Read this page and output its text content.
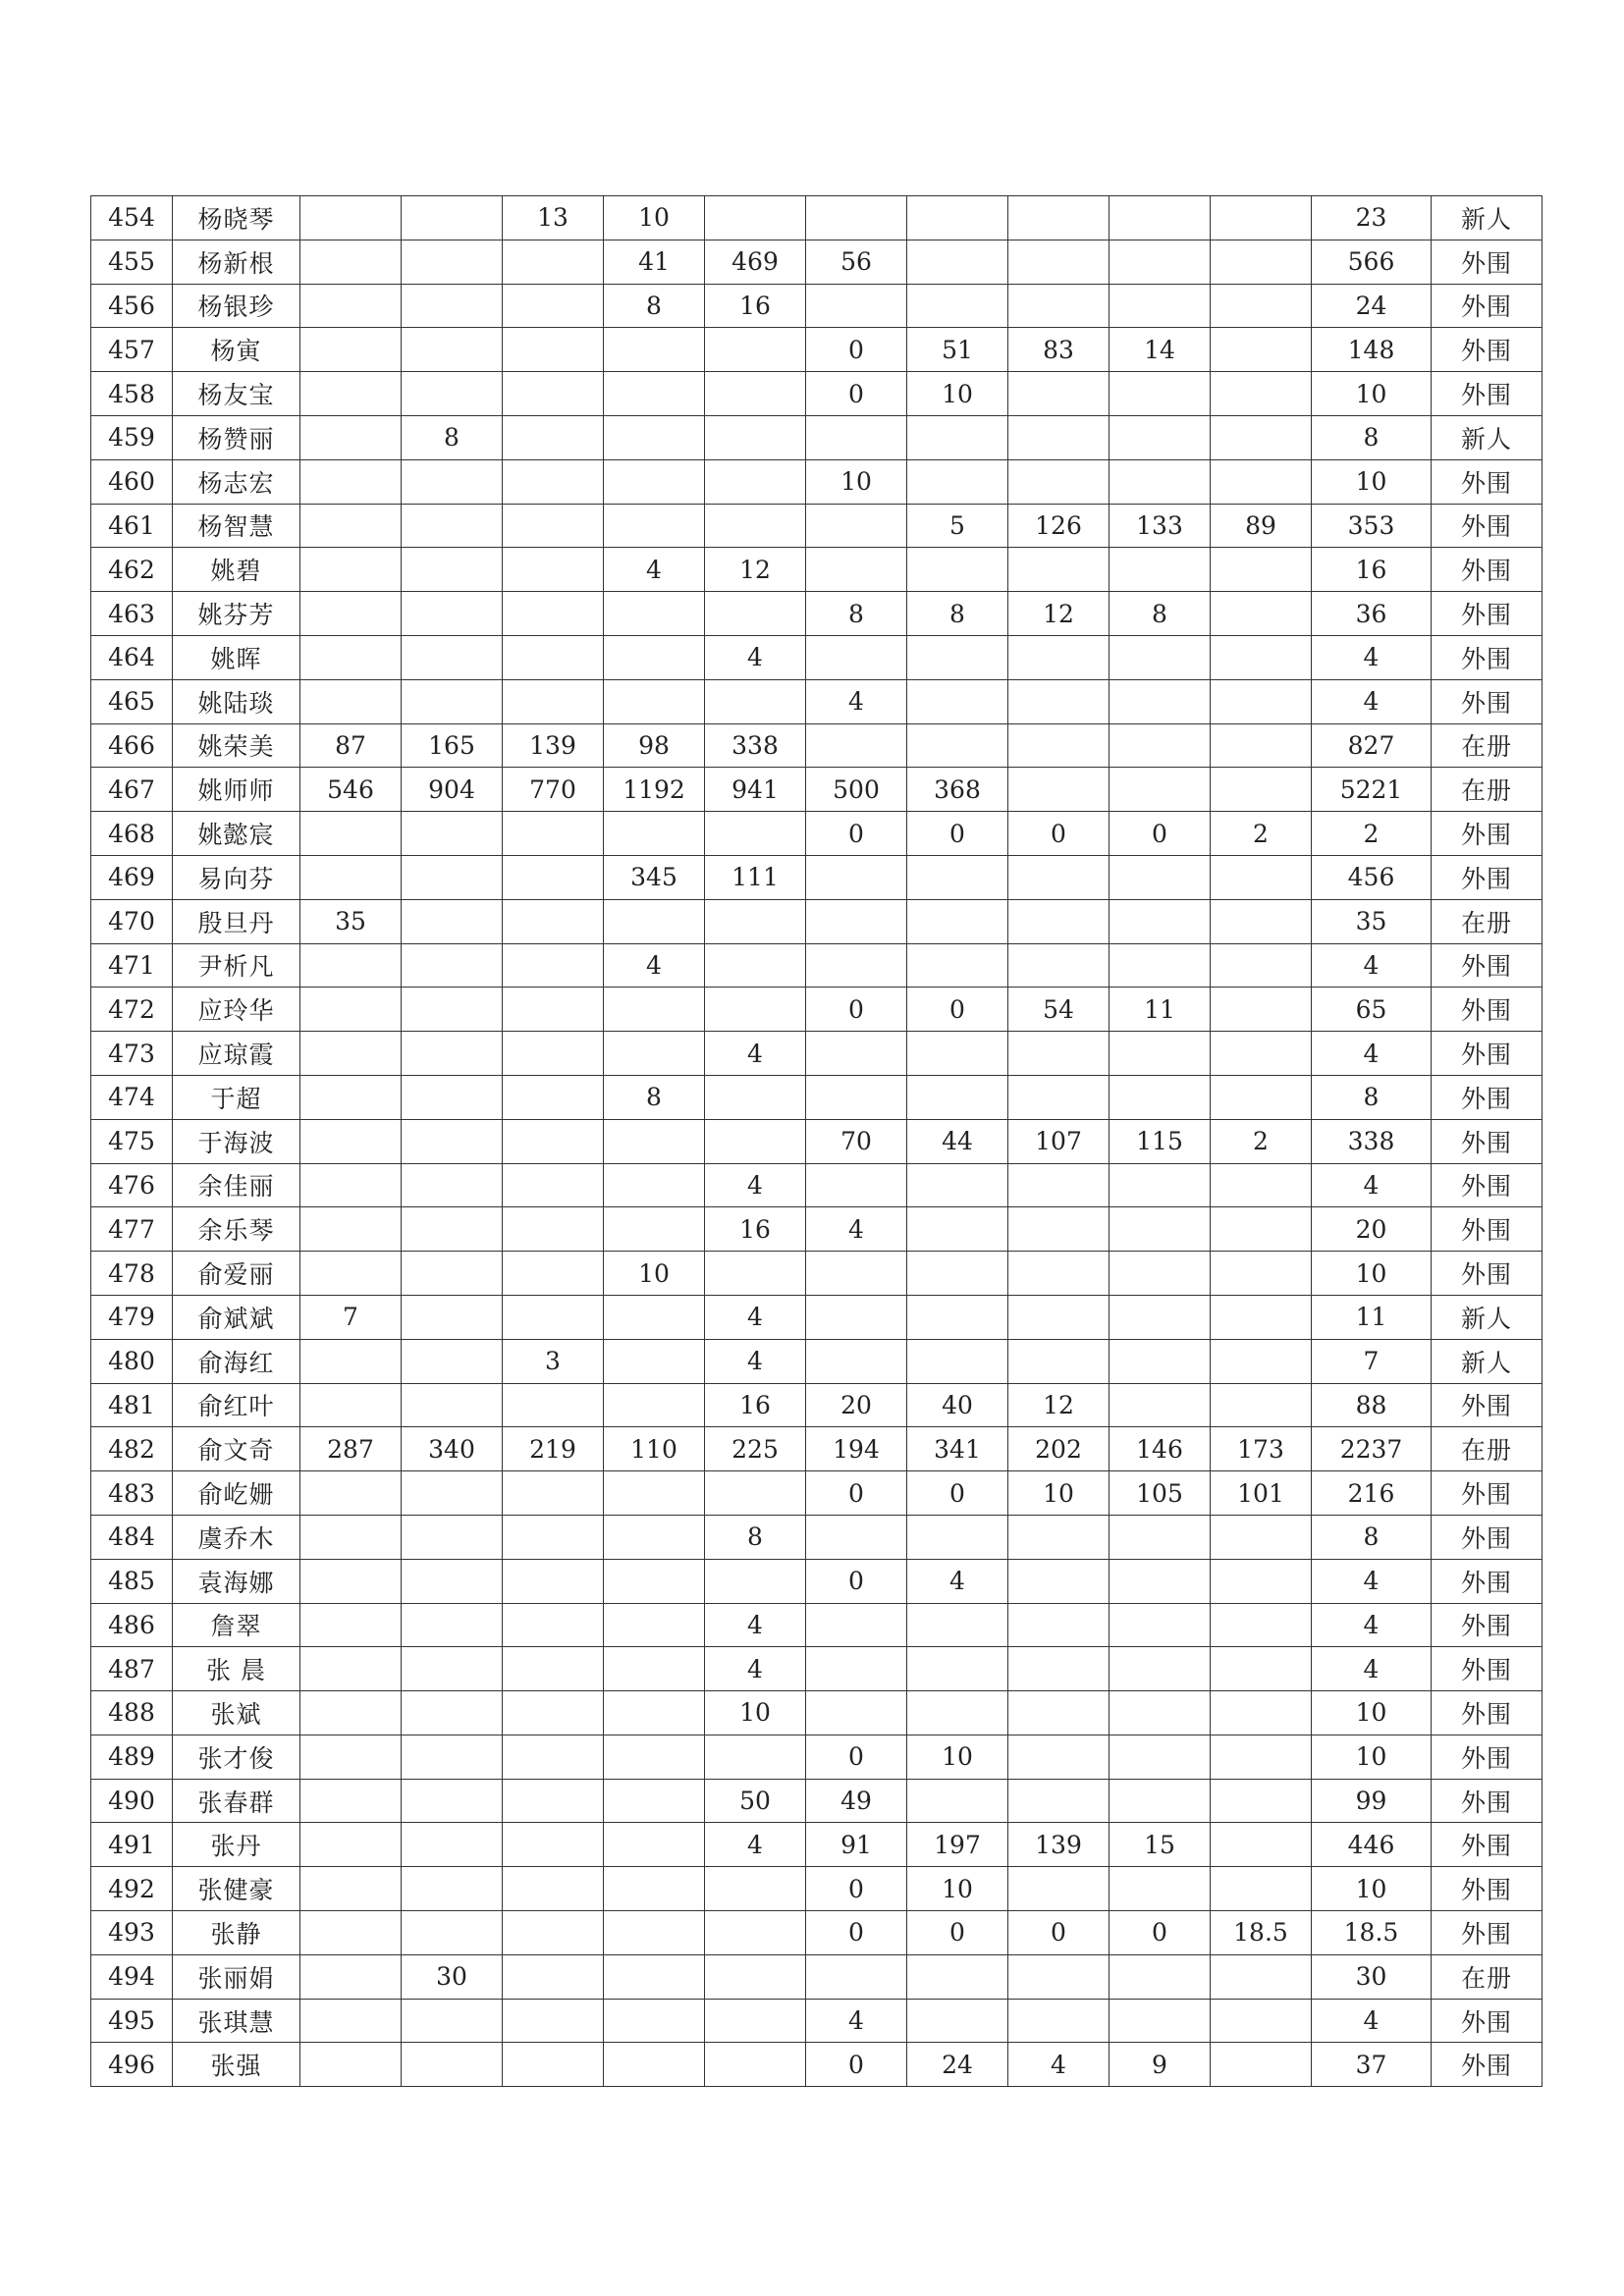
454	杨晓琴			13	10							23	新人
455	杨新根				41	469	56					566	外围
456	杨银珍				8	16						24	外围
457	杨寅						0	51	83	14		148	外围
458	杨友宝						0	10				10	外围
459	杨赞丽		8									8	新人
460	杨志宏						10					10	外围
461	杨智慧							5	126	133	89	353	外围
462	姚碧				4	12						16	外围
463	姚芬芳						8	8	12	8		36	外围
464	姚晖					4						4	外围
465	姚陆琰						4					4	外围
466	姚荣美	87	165	139	98	338						827	在册
467	姚师师	546	904	770	1192	941	500	368				5221	在册
468	姚懿宸						0	0	0	0	2	2	外围
469	易向芬				345	111						456	外围
470	殷旦丹	35										35	在册
471	尹析凡				4							4	外围
472	应玲华						0	0	54	11		65	外围
473	应琼霞					4						4	外围
474	于超				8							8	外围
475	于海波						70	44	107	115	2	338	外围
476	余佳丽					4						4	外围
477	余乐琴					16	4					20	外围
478	俞爱丽				10							10	外围
479	俞斌斌	7				4						11	新人
480	俞海红			3		4						7	新人
481	俞红叶					16	20	40	12			88	外围
482	俞文奇	287	340	219	110	225	194	341	202	146	173	2237	在册
483	俞屹姗						0	0	10	105	101	216	外围
484	虞乔木					8						8	外围
485	袁海娜						0	4				4	外围
486	詹翠					4						4	外围
487	张 晨					4						4	外围
488	张斌					10						10	外围
489	张才俊						0	10				10	外围
490	张春群					50	49					99	外围
491	张丹					4	91	197	139	15		446	外围
492	张健豪						0	10				10	外围
493	张静						0	0	0	0	18.5	18.5	外围
494	张丽娟		30									30	在册
495	张琪慧						4					4	外围
496	张强						0	24	4	9		37	外围
